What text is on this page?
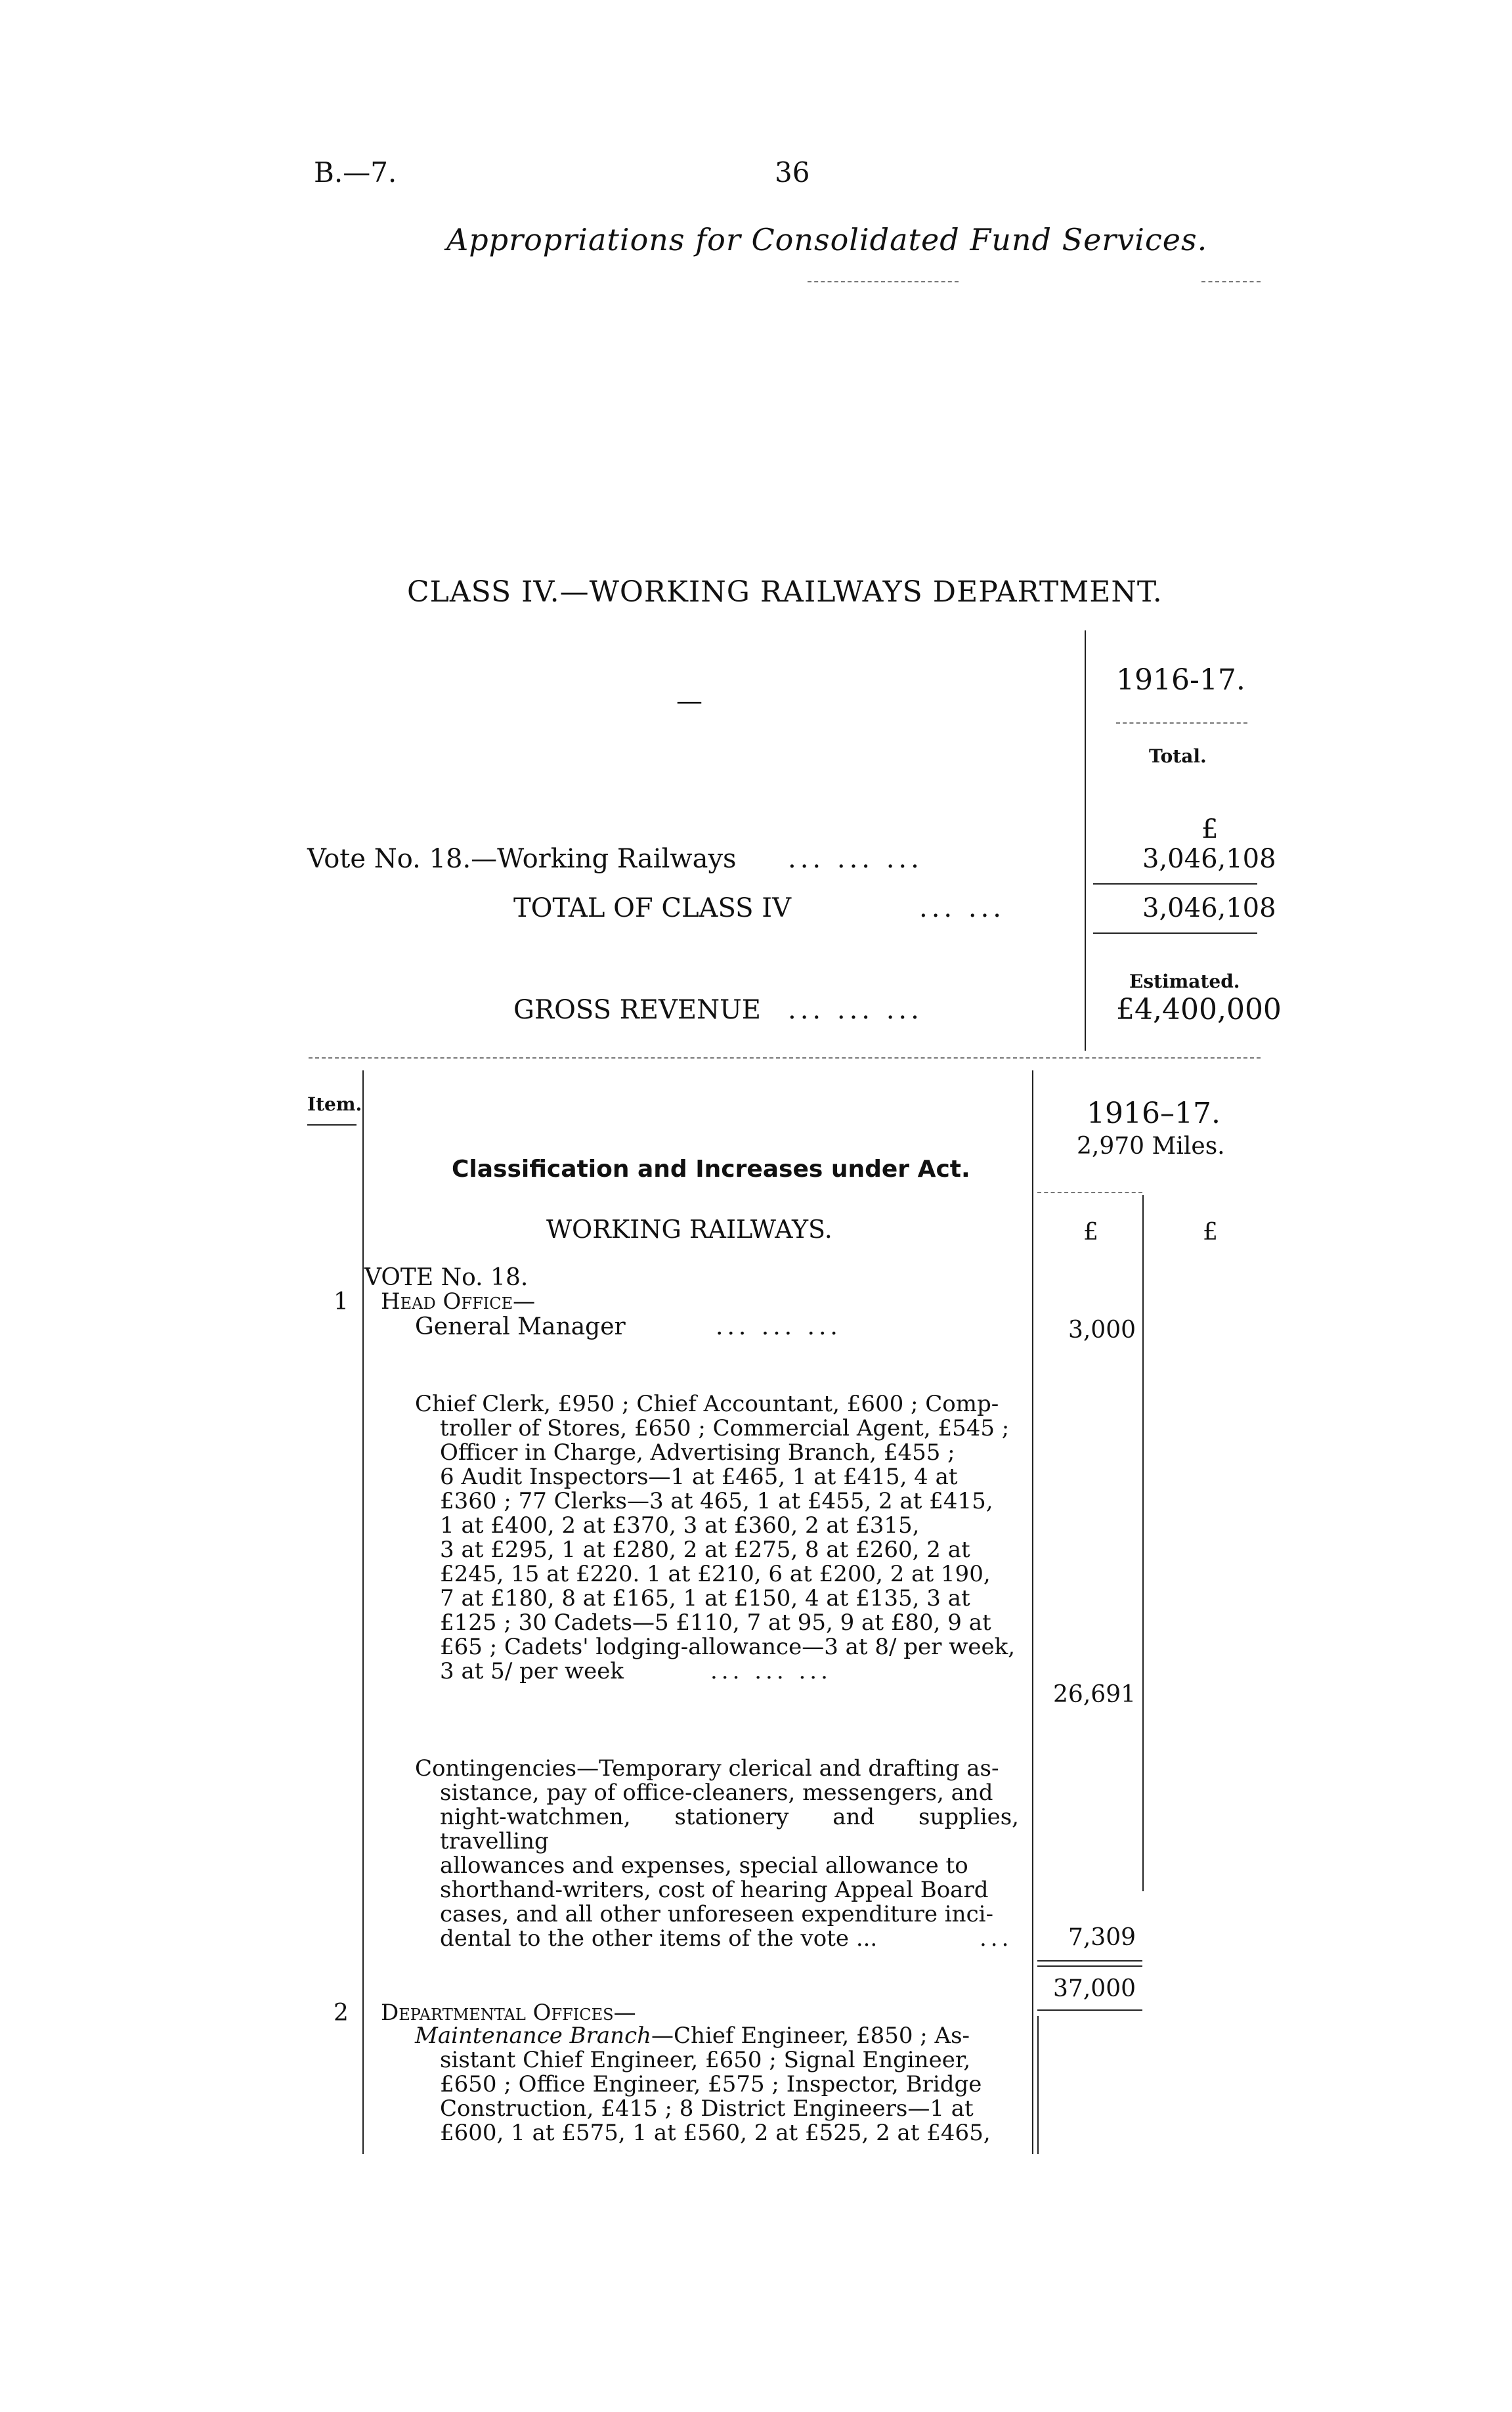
B.—7.	36
Appropriations for Consolidated Fund Services.
CLASS IV.—WORKING RAILWAYS DEPARTMENT.
1916-17.
—
Total.
£
Vote No. 18.—Working Railways ... ... ...	3,046,108
TOTAL OF CLASS IV	... ...	3,046,108
Estimated.
GROSS REVENUE ... ... ...	£4,400,000
Item.	1916–17.
2,970 Miles.
Classification and Increases under Act.
WORKING RAILWAYS.	£	£
VOTE No. 18.
1 Head Office—
General Manager	... ... ...	3,000
Chief Clerk, £950 ; Chief Accountant, £600 ; Comp-
troller of Stores, £650 ; Commercial Agent, £545 ;
Officer in Charge, Advertising Branch, £455 ;
6 Audit Inspectors—1 at £465, 1 at £415, 4 at
£360 ; 77 Clerks—3 at 465, 1 at £455, 2 at £415,
1 at £400, 2 at £370, 3 at £360, 2 at £315,
3 at £295, 1 at £280, 2 at £275, 8 at £260, 2 at
£245, 15 at £220. 1 at £210, 6 at £200, 2 at 190,
7 at £180, 8 at £165, 1 at £150, 4 at £135, 3 at
£125 ; 30 Cadets—5 £110, 7 at 95, 9 at £80, 9 at
£65 ; Cadets' lodging-allowance—3 at 8/ per week,
3 at 5/ per week	... ... ...
26,691
Contingencies—Temporary clerical and drafting as-
sistance, pay of office-cleaners, messengers, and
night-watchmen, stationery and supplies, travelling
allowances and expenses, special allowance to
shorthand-writers, cost of hearing Appeal Board
cases, and all other unforeseen expenditure inci-
dental to the other items of the vote ...	...	7,309
37,000
2 Departmental Offices—
Maintenance Branch—Chief Engineer, £850 ; As-
sistant Chief Engineer, £650 ; Signal Engineer,
£650 ; Office Engineer, £575 ; Inspector, Bridge
Construction, £415 ; 8 District Engineers—1 at
£600, 1 at £575, 1 at £560, 2 at £525, 2 at £465,
